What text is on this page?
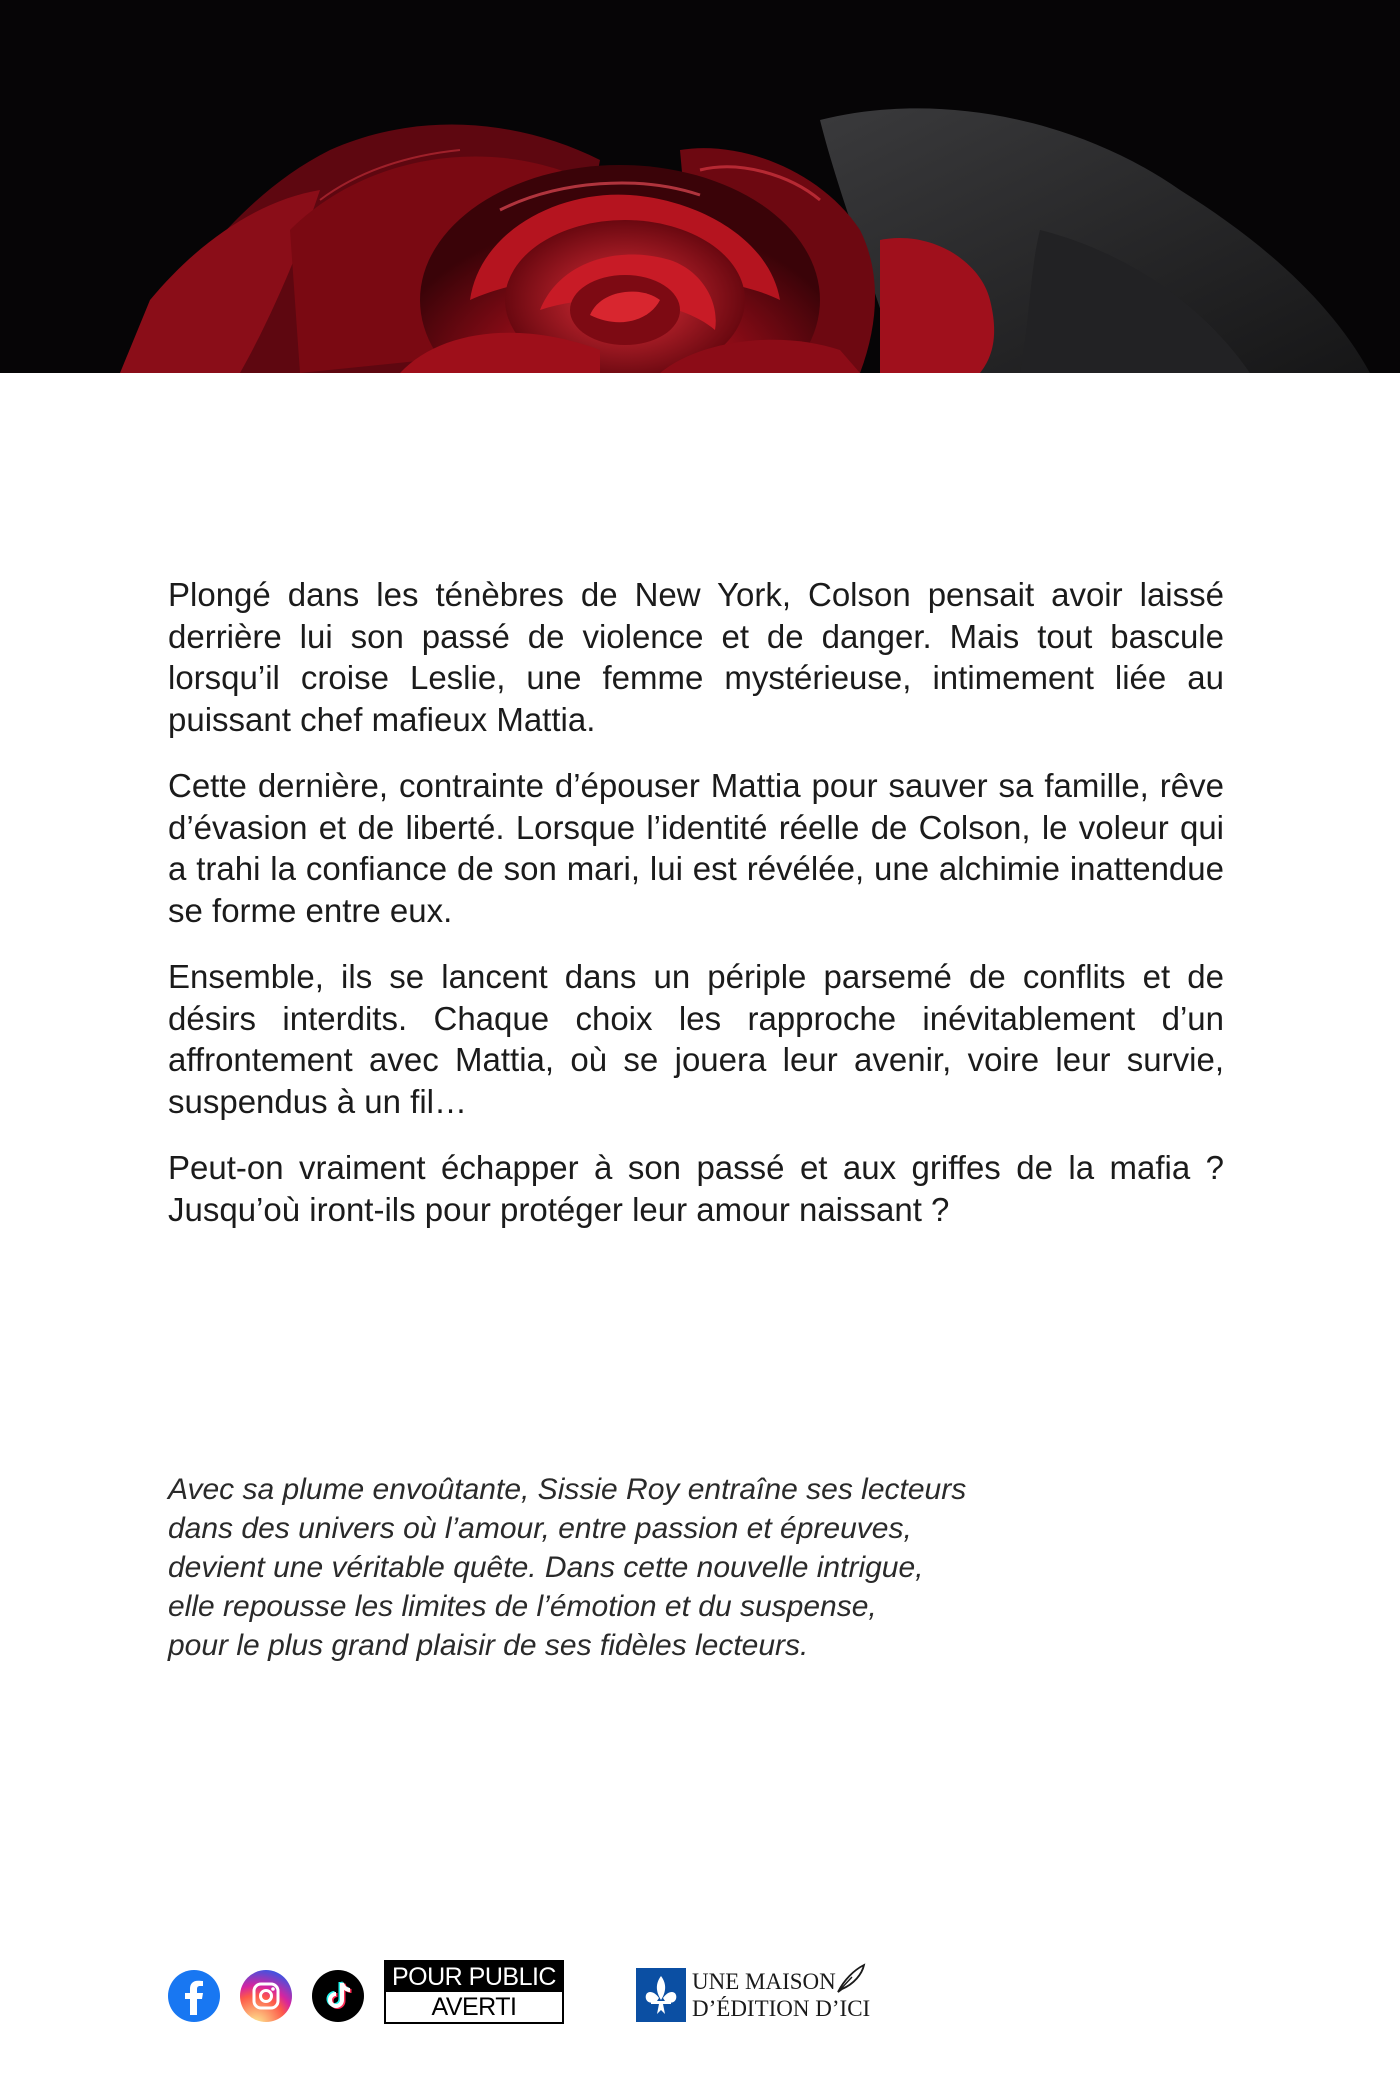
Plongé dans les ténèbres de New York, Colson pensait avoir laissé derrière lui son passé de violence et de danger. Mais tout bascule lorsqu’il croise Leslie, une femme mystérieuse, intimement liée au puissant chef mafieux Mattia.

Cette dernière, contrainte d’épouser Mattia pour sauver sa famille, rêve d’évasion et de liberté. Lorsque l’identité réelle de Colson, le voleur qui a trahi la confiance de son mari, lui est révélée, une alchimie inattendue se forme entre eux.

Ensemble, ils se lancent dans un périple parsemé de conflits et de désirs interdits. Chaque choix les rapproche inévitablement d’un affrontement avec Mattia, où se jouera leur avenir, voire leur survie, suspendus à un fil…

Peut-on vraiment échapper à son passé et aux griffes de la mafia ? Jusqu’où iront-ils pour protéger leur amour naissant ?

Avec sa plume envoûtante, Sissie Roy entraîne ses lecteurs
dans des univers où l’amour, entre passion et épreuves,
devient une véritable quête. Dans cette nouvelle intrigue,
elle repousse les limites de l’émotion et du suspense,
pour le plus grand plaisir de ses fidèles lecteurs.
POUR PUBLIC
AVERTI
UNE MAISON
D’ÉDITION D’ICI
